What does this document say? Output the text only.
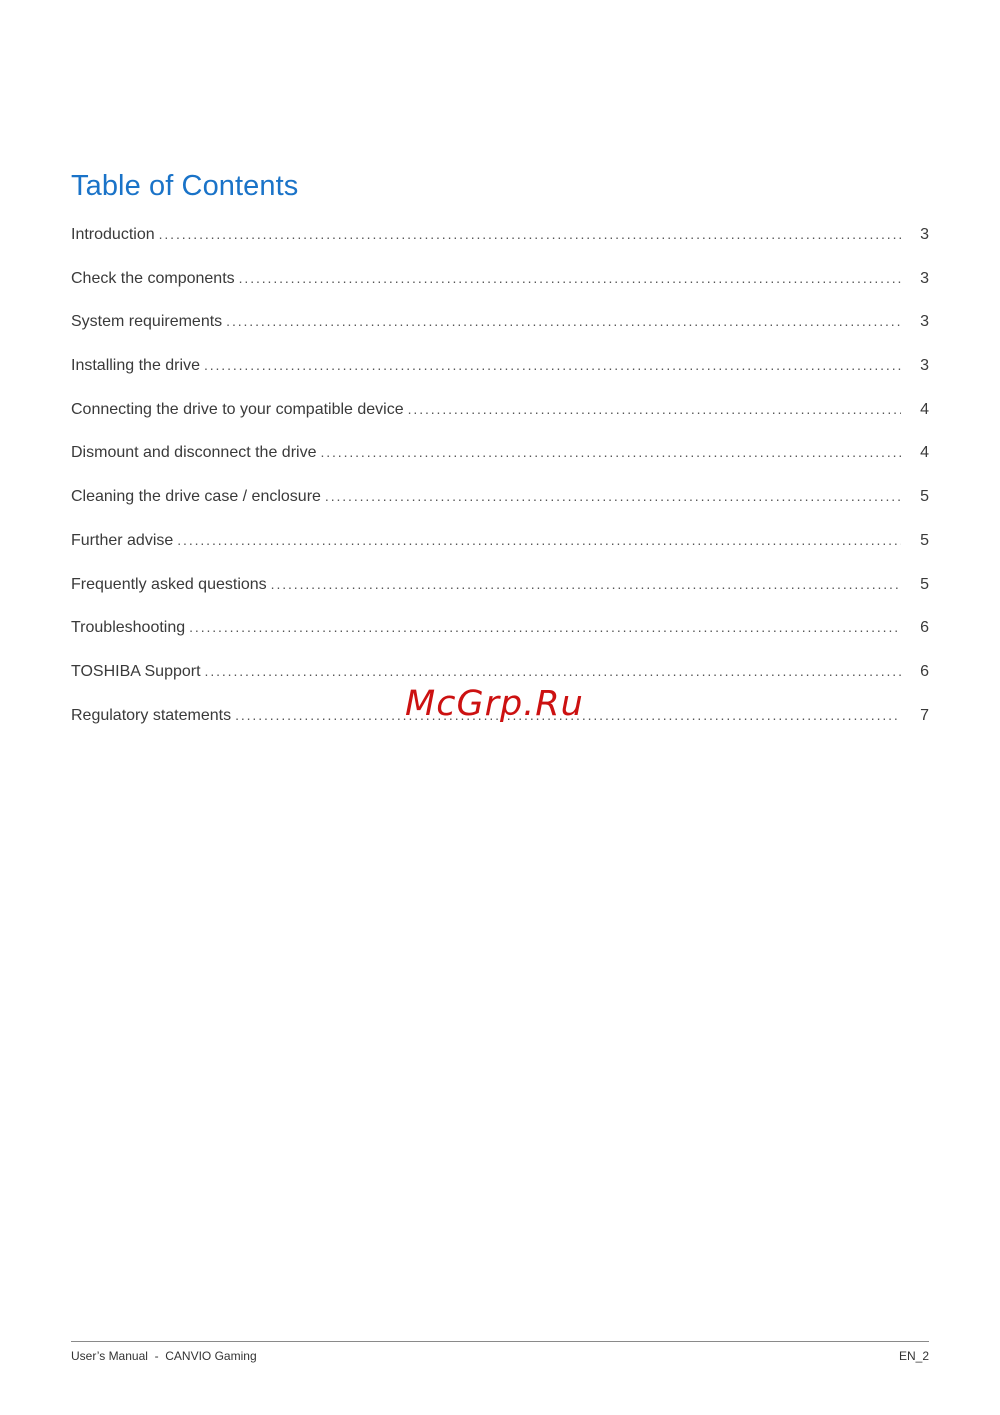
Table of Contents
Introduction . . .	3
Check the components . . .	3
System requirements . . .	3
Installing the drive . . .	3
Connecting the drive to your compatible device . . .	4
Dismount and disconnect the drive . . .	4
Cleaning the drive case / enclosure . . .	5
Further advise . . .	5
Frequently asked questions . . .	5
Troubleshooting . . .	6
TOSHIBA Support . . .	6
Regulatory statements . . .	7
McGrp.Ru
User’s Manual  -  CANVIO Gaming	EN_2
